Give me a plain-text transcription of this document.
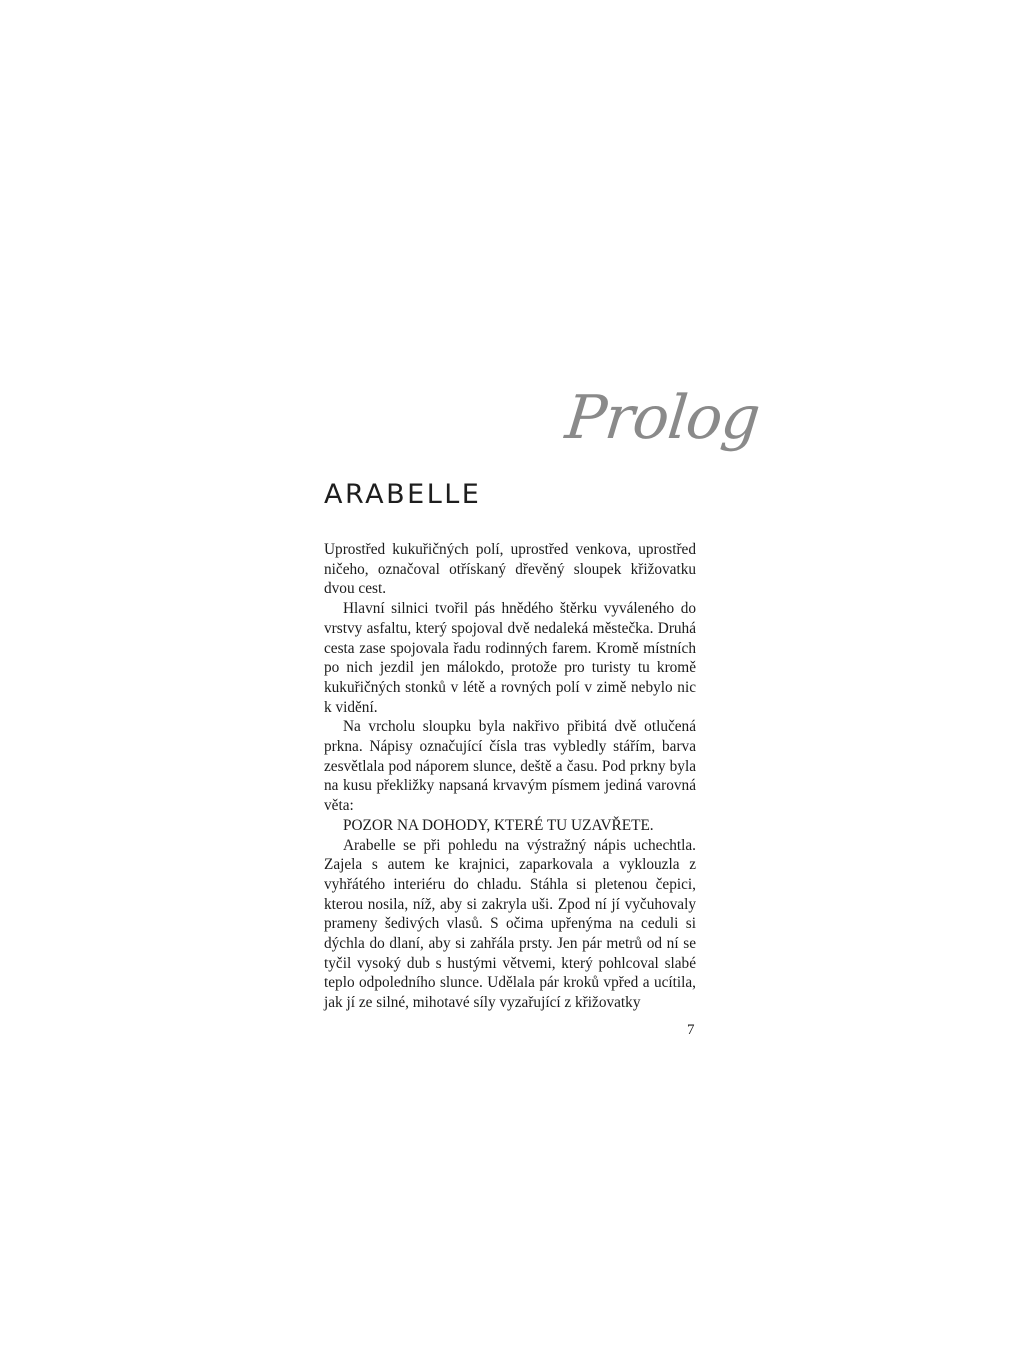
Prolog
ARABELLE

Uprostřed kukuřičných polí, uprostřed venkova, uprostřed ničeho, označoval otřískaný dřevěný sloupek křižovatku dvou cest.

Hlavní silnici tvořil pás hnědého štěrku vyváleného do vrstvy asfaltu, který spojoval dvě nedaleká městečka. Druhá cesta zase spojovala řadu rodinných farem. Kromě místních po nich jezdil jen málokdo, protože pro turisty tu kromě kukuřičných stonků v létě a rovných polí v zimě nebylo nic k vidění.

Na vrcholu sloupku byla nakřivo přibitá dvě otlučená prkna. Nápisy označující čísla tras vybledly stářím, barva zesvětlala pod náporem slunce, deště a času. Pod prkny byla na kusu překližky napsaná krvavým písmem jediná varovná věta:

POZOR NA DOHODY, KTERÉ TU UZAVŘETE.

Arabelle se při pohledu na výstražný nápis uchechtla. Zajela s autem ke krajnici, zaparkovala a vyklouzla z vyhřátého interiéru do chladu. Stáhla si pletenou čepici, kterou nosila, níž, aby si zakryla uši. Zpod ní jí vyčuhovaly prameny šedivých vlasů. S očima upřenýma na ceduli si dýchla do dlaní, aby si zahřála prsty. Jen pár metrů od ní se tyčil vysoký dub s hustými větvemi, který pohlcoval slabé teplo odpoledního slunce. Udělala pár kroků vpřed a ucítila, jak jí ze silné, mihotavé síly vyzařující z křižovatky

7
